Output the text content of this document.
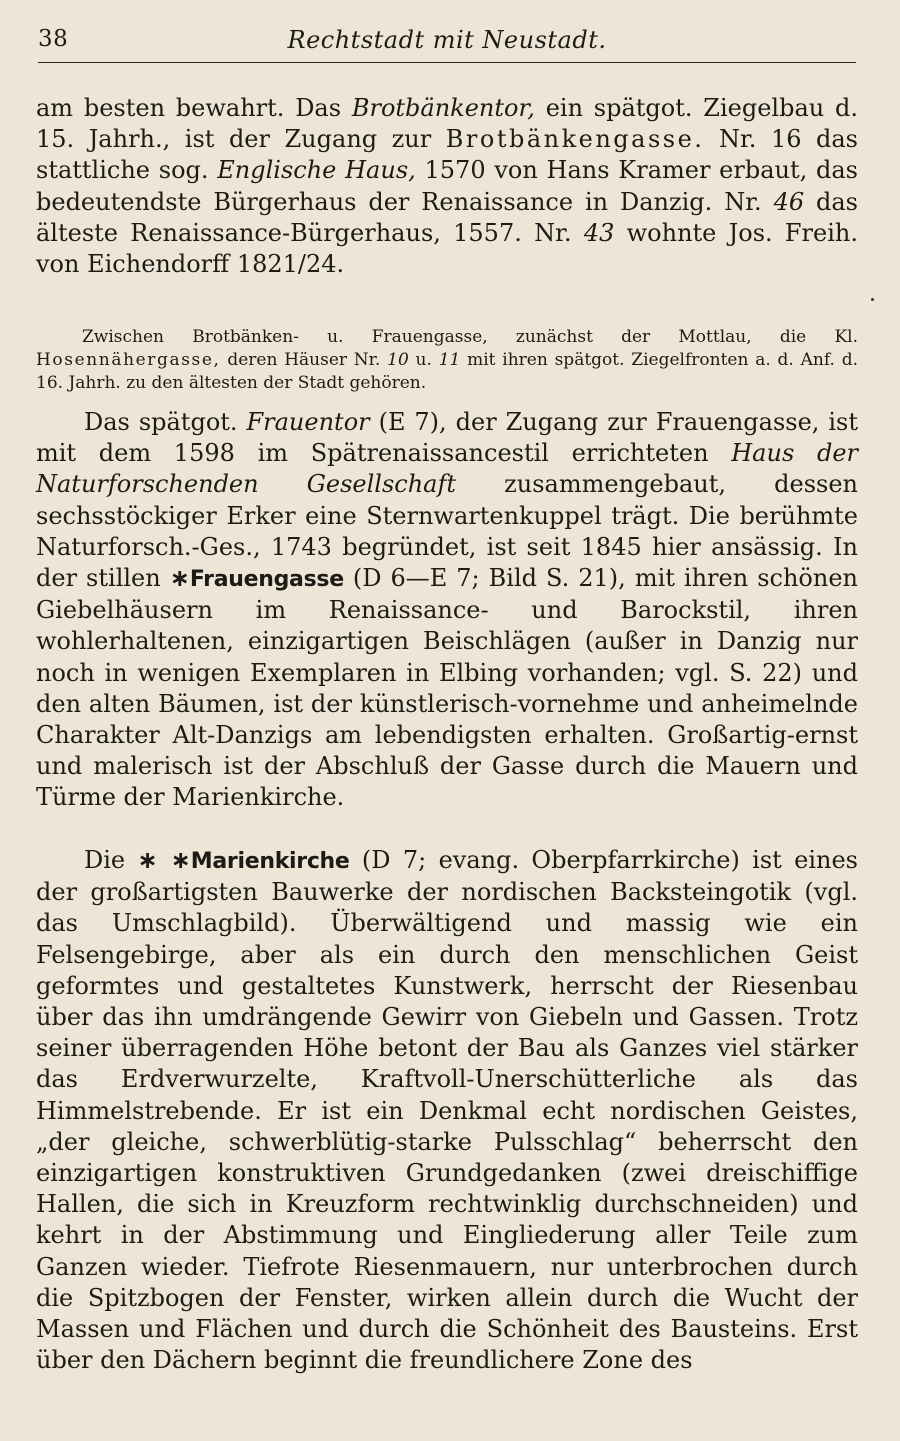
38	Rechtstadt mit Neustadt.

am besten bewahrt. Das Brotbänkentor, ein spätgot. Ziegelbau d. 15. Jahrh., ist der Zugang zur Brotbänkengasse. Nr. 16 das stattliche sog. Englische Haus, 1570 von Hans Kramer erbaut, das bedeutendste Bürgerhaus der Renaissance in Danzig. Nr. 46 das älteste Renaissance-Bürgerhaus, 1557. Nr. 43 wohnte Jos. Freih. von Eichendorff 1821/24.

Zwischen Brotbänken- u. Frauengasse, zunächst der Mottlau, die Kl. Hosennähergasse, deren Häuser Nr. 10 u. 11 mit ihren spätgot. Ziegelfronten a. d. Anf. d. 16. Jahrh. zu den ältesten der Stadt gehören.

Das spätgot. Frauentor (E 7), der Zugang zur Frauengasse, ist mit dem 1598 im Spätrenaissancestil errichteten Haus der Naturforschenden Gesellschaft zusammengebaut, dessen sechsstöckiger Erker eine Sternwartenkuppel trägt. Die berühmte Naturforsch.-Ges., 1743 begründet, ist seit 1845 hier ansässig. In der stillen ∗Frauengasse (D 6—E 7; Bild S. 21), mit ihren schönen Giebelhäusern im Renaissance- und Barockstil, ihren wohlerhaltenen, einzigartigen Beischlägen (außer in Danzig nur noch in wenigen Exemplaren in Elbing vorhanden; vgl. S. 22) und den alten Bäumen, ist der künstlerisch-vornehme und anheimelnde Charakter Alt-Danzigs am lebendigsten erhalten. Großartig-ernst und malerisch ist der Abschluß der Gasse durch die Mauern und Türme der Marienkirche.

Die ∗ ∗Marienkirche (D 7; evang. Oberpfarrkirche) ist eines der großartigsten Bauwerke der nordischen Backsteingotik (vgl. das Umschlagbild). Überwältigend und massig wie ein Felsengebirge, aber als ein durch den menschlichen Geist geformtes und gestaltetes Kunstwerk, herrscht der Riesenbau über das ihn umdrängende Gewirr von Giebeln und Gassen. Trotz seiner überragenden Höhe betont der Bau als Ganzes viel stärker das Erdverwurzelte, Kraftvoll-Unerschütterliche als das Himmelstrebende. Er ist ein Denkmal echt nordischen Geistes, „der gleiche, schwerblütig-starke Pulsschlag“ beherrscht den einzigartigen konstruktiven Grundgedanken (zwei dreischiffige Hallen, die sich in Kreuzform rechtwinklig durchschneiden) und kehrt in der Abstimmung und Eingliederung aller Teile zum Ganzen wieder. Tiefrote Riesenmauern, nur unterbrochen durch die Spitzbogen der Fenster, wirken allein durch die Wucht der Massen und Flächen und durch die Schönheit des Bausteins. Erst über den Dächern beginnt die freundlichere Zone des
